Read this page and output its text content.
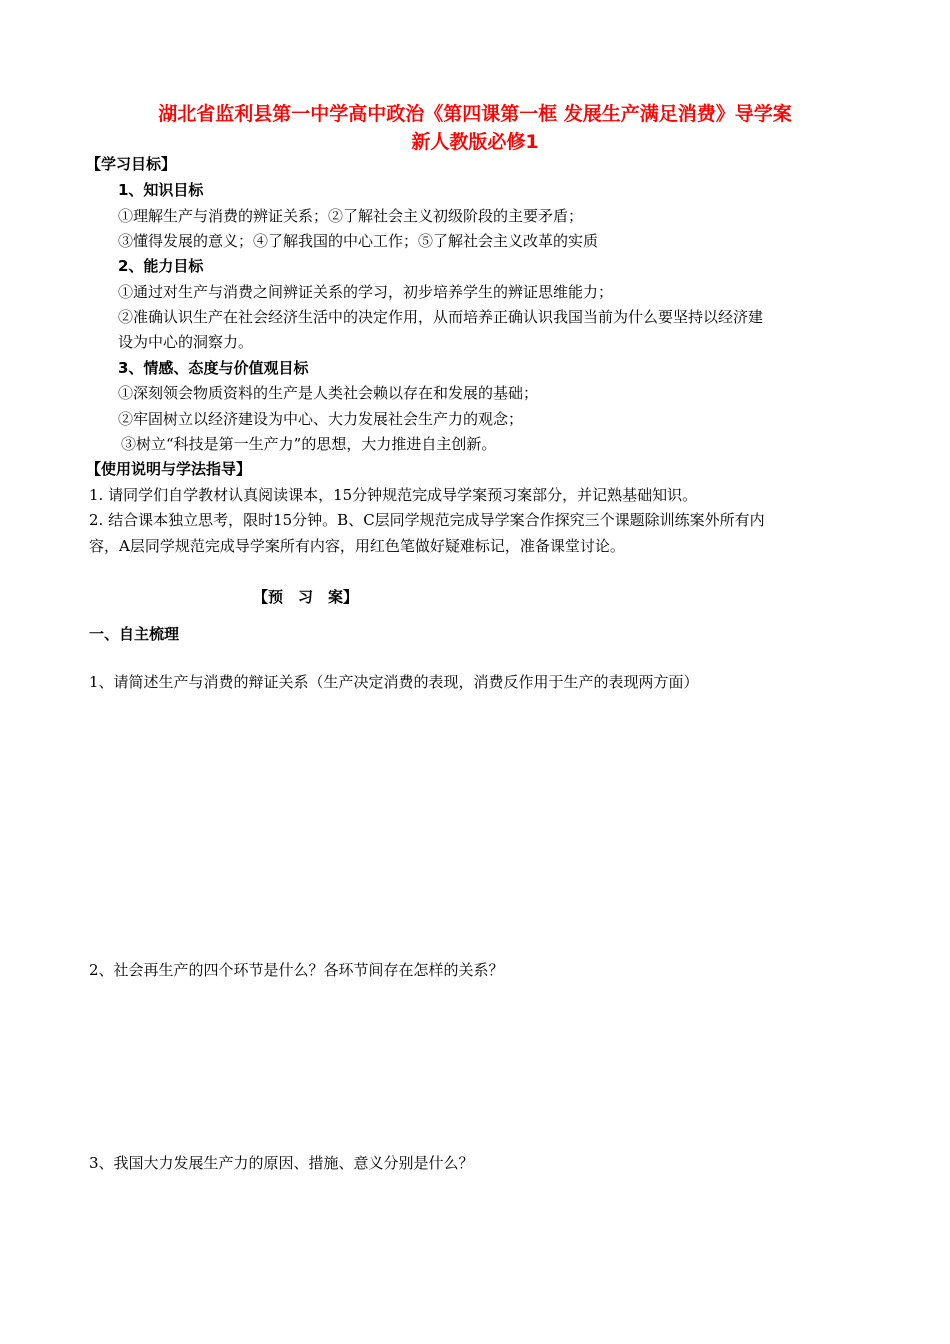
湖北省监利县第一中学高中政治《第四课第一框 发展生产满足消费》导学案
新人教版必修1
【学习目标】
1、知识目标
①理解生产与消费的辨证关系；②了解社会主义初级阶段的主要矛盾；
③懂得发展的意义；④了解我国的中心工作；⑤了解社会主义改革的实质
2、能力目标
①通过对生产与消费之间辨证关系的学习，初步培养学生的辨证思维能力；
②准确认识生产在社会经济生活中的决定作用，从而培养正确认识我国当前为什么要坚持以经济建
设为中心的洞察力。
3、情感、态度与价值观目标
①深刻领会物质资料的生产是人类社会赖以存在和发展的基础；
②牢固树立以经济建设为中心、大力发展社会生产力的观念；
③树立“科技是第一生产力”的思想，大力推进自主创新。
【使用说明与学法指导】
1. 请同学们自学教材认真阅读课本，15分钟规范完成导学案预习案部分，并记熟基础知识。
2. 结合课本独立思考，限时15分钟。B、C层同学规范完成导学案合作探究三个课题除训练案外所有内
容，A层同学规范完成导学案所有内容，用红色笔做好疑难标记，准备课堂讨论。
【预　习　案】
一、自主梳理
1、请简述生产与消费的辩证关系（生产决定消费的表现，消费反作用于生产的表现两方面）
2、社会再生产的四个环节是什么？各环节间存在怎样的关系？
3、我国大力发展生产力的原因、措施、意义分别是什么？
